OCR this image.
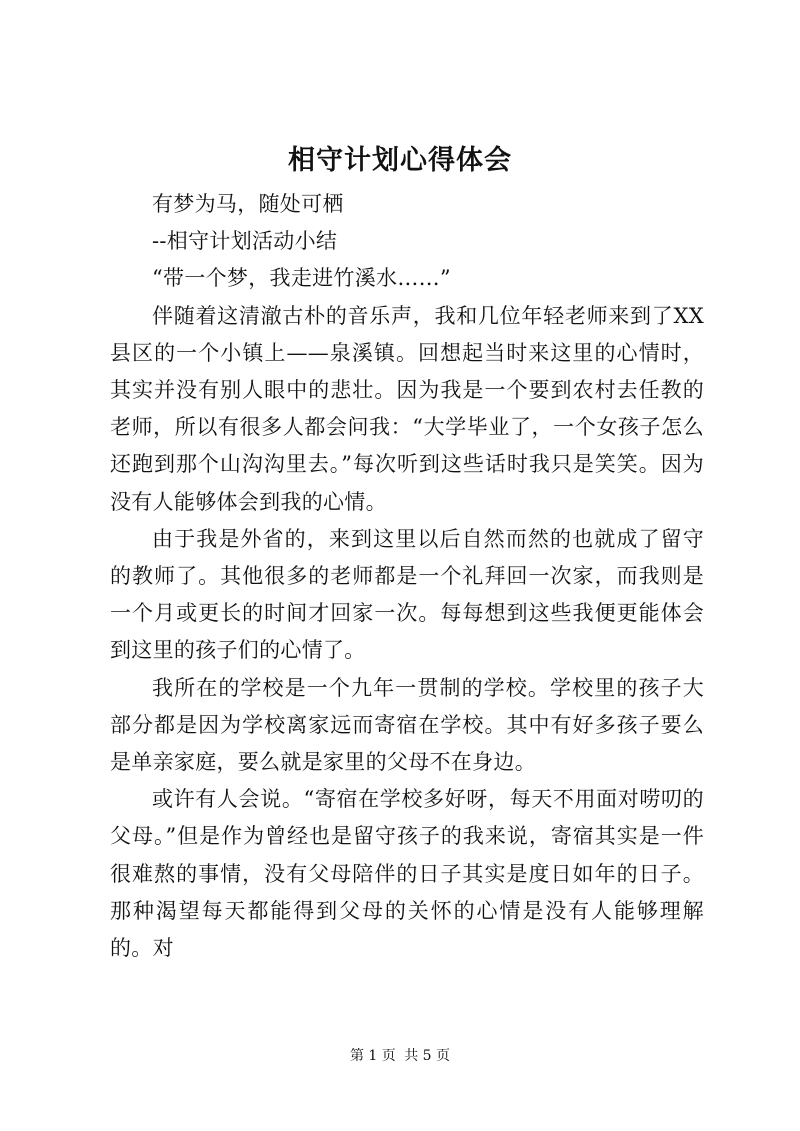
相守计划心得体会

有梦为马，随处可栖

--相守计划活动小结

“带一个梦，我走进竹溪水……”

伴随着这清澈古朴的音乐声，我和几位年轻老师来到了XX县区的一个小镇上——泉溪镇。回想起当时来这里的心情时，其实并没有别人眼中的悲壮。因为我是一个要到农村去任教的老师，所以有很多人都会问我：“大学毕业了，一个女孩子怎么还跑到那个山沟沟里去。”每次听到这些话时我只是笑笑。因为没有人能够体会到我的心情。

由于我是外省的，来到这里以后自然而然的也就成了留守的教师了。其他很多的老师都是一个礼拜回一次家，而我则是一个月或更长的时间才回家一次。每每想到这些我便更能体会到这里的孩子们的心情了。

我所在的学校是一个九年一贯制的学校。学校里的孩子大部分都是因为学校离家远而寄宿在学校。其中有好多孩子要么是单亲家庭，要么就是家里的父母不在身边。

或许有人会说。“寄宿在学校多好呀，每天不用面对唠叨的父母。”但是作为曾经也是留守孩子的我来说，寄宿其实是一件很难熬的事情，没有父母陪伴的日子其实是度日如年的日子。那种渴望每天都能得到父母的关怀的心情是没有人能够理解的。对

第 1 页 共 5 页
